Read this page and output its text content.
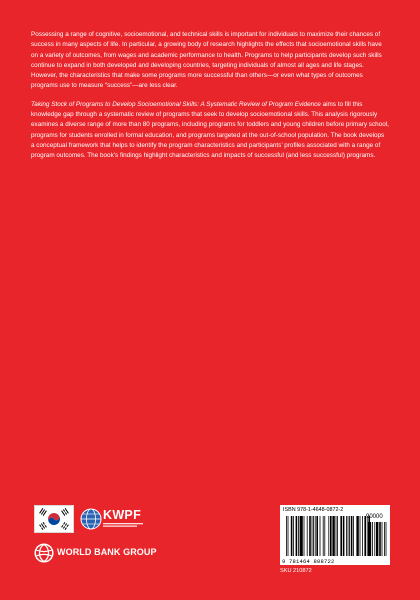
Possessing a range of cognitive, socioemotional, and technical skills is important for individuals to maximize their chances of success in many aspects of life. In particular, a growing body of research highlights the effects that socioemotional skills have on a variety of outcomes, from wages and academic performance to health. Programs to help participants develop such skills continue to expand in both developed and developing countries, targeting individuals of almost all ages and life stages. However, the characteristics that make some programs more successful than others—or even what types of outcomes programs use to measure “success”—are less clear.

Taking Stock of Programs to Develop Socioemotional Skills: A Systematic Review of Program Evidence aims to fill this knowledge gap through a systematic review of programs that seek to develop socioemotional skills. This analysis rigorously examines a diverse range of more than 80 programs, including programs for toddlers and young children before primary school, programs for students enrolled in formal education, and programs targeted at the out-of-school population. The book develops a conceptual framework that helps to identify the program characteristics and participants’ profiles associated with a range of program outcomes. The book’s findings highlight characteristics and impacts of successful (and less successful) programs.

KWPF
WORLD BANK GROUP
ISBN 978-1-4648-0872-2
90000
9 781464 808722
SKU 210872
